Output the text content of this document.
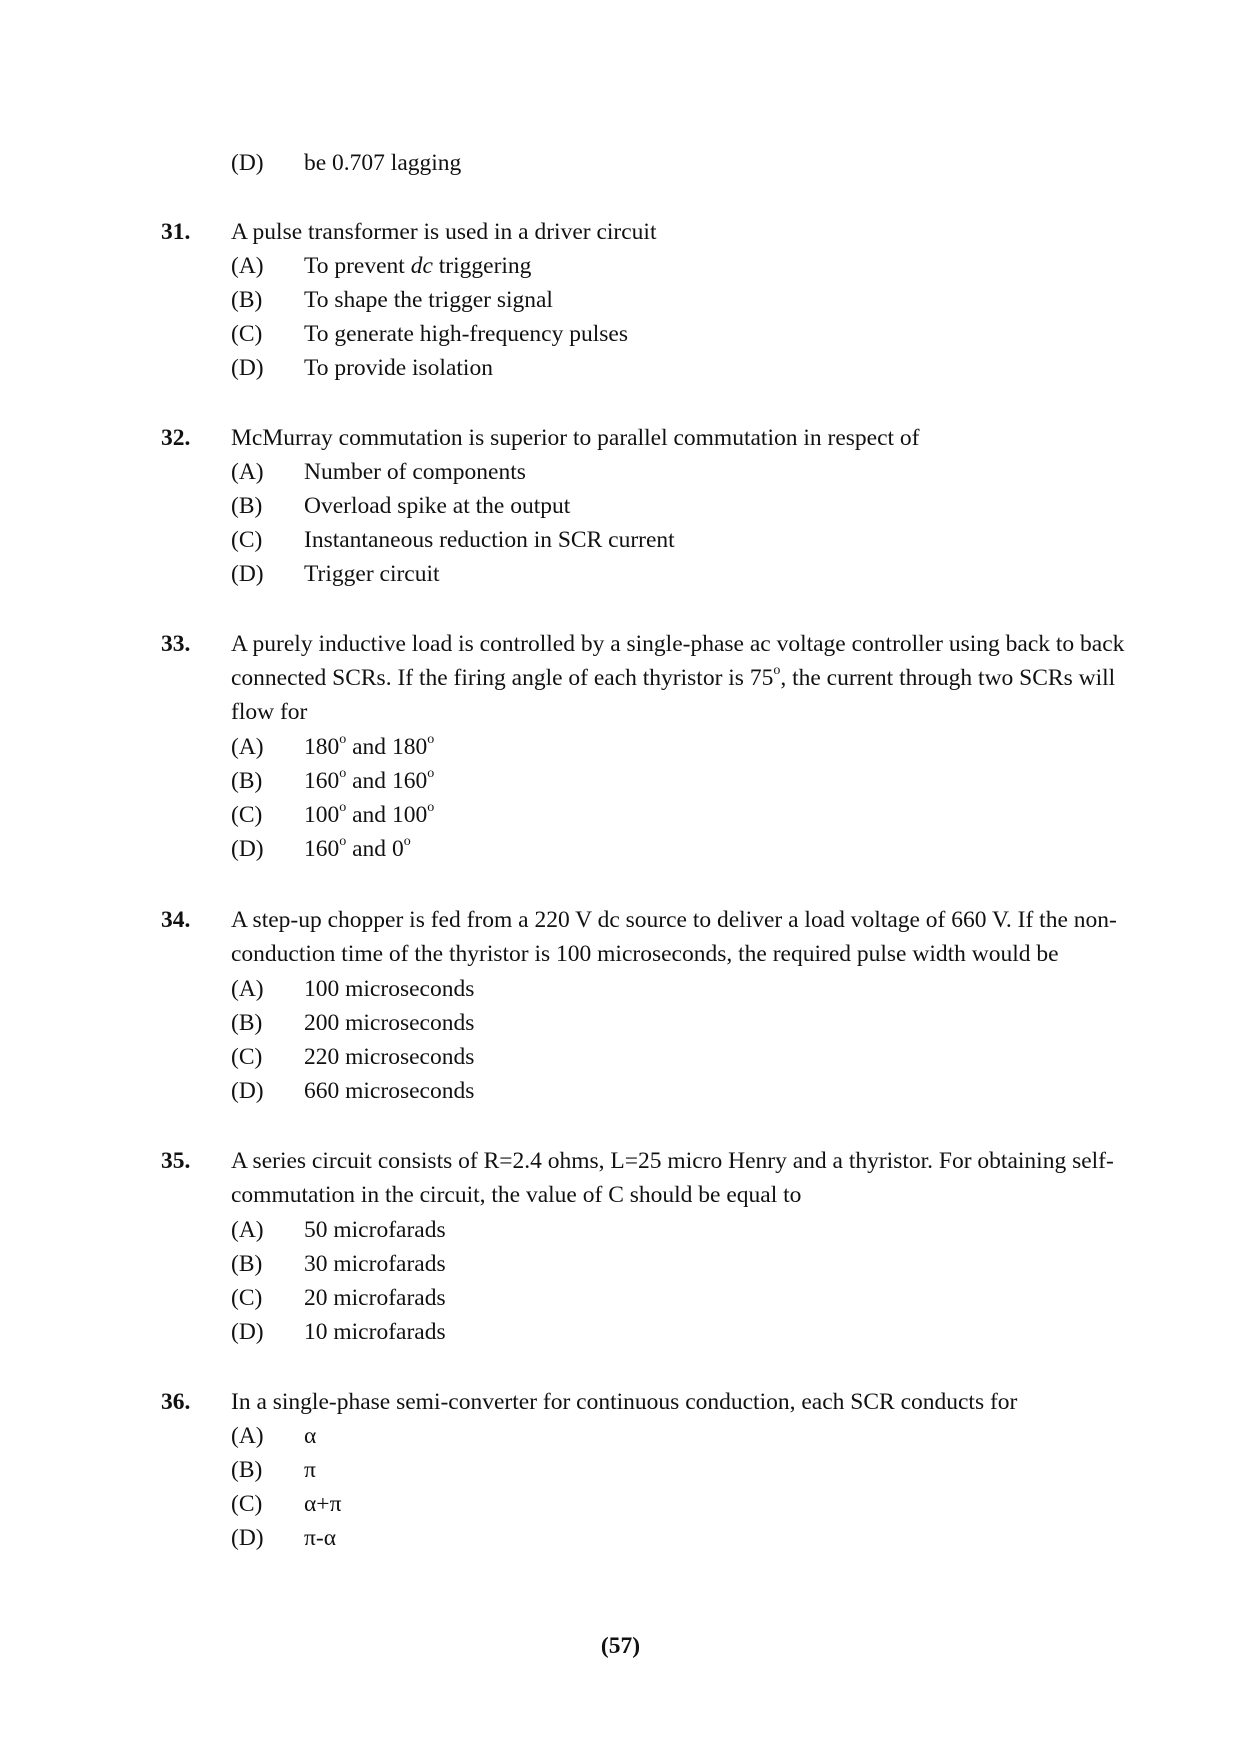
(D) be 0.707 lagging
31. A pulse transformer is used in a driver circuit
(A) To prevent dc triggering
(B) To shape the trigger signal
(C) To generate high-frequency pulses
(D) To provide isolation
32. McMurray commutation is superior to parallel commutation in respect of
(A) Number of components
(B) Overload spike at the output
(C) Instantaneous reduction in SCR current
(D) Trigger circuit
33. A purely inductive load is controlled by a single-phase ac voltage controller using back to back
connected SCRs. If the firing angle of each thyristor is 75$^o$, the current through two SCRs will
flow for
(A) 180$^o$ and 180$^o$
(B) 160$^o$ and 160$^o$
(C) 100$^o$ and 100$^o$
(D) 160$^o$ and 0$^o$
34. A step-up chopper is fed from a 220 V dc source to deliver a load voltage of 660 V. If the non-
conduction time of the thyristor is 100 microseconds, the required pulse width would be
(A) 100 microseconds
(B) 200 microseconds
(C) 220 microseconds
(D) 660 microseconds
35. A series circuit consists of R=2.4 ohms, L=25 micro Henry and a thyristor. For obtaining self-
commutation in the circuit, the value of C should be equal to
(A) 50 microfarads
(B) 30 microfarads
(C) 20 microfarads
(D) 10 microfarads
36. In a single-phase semi-converter for continuous conduction, each SCR conducts for
(A) α
(B) π
(C) α+π
(D) π-α
(57)
